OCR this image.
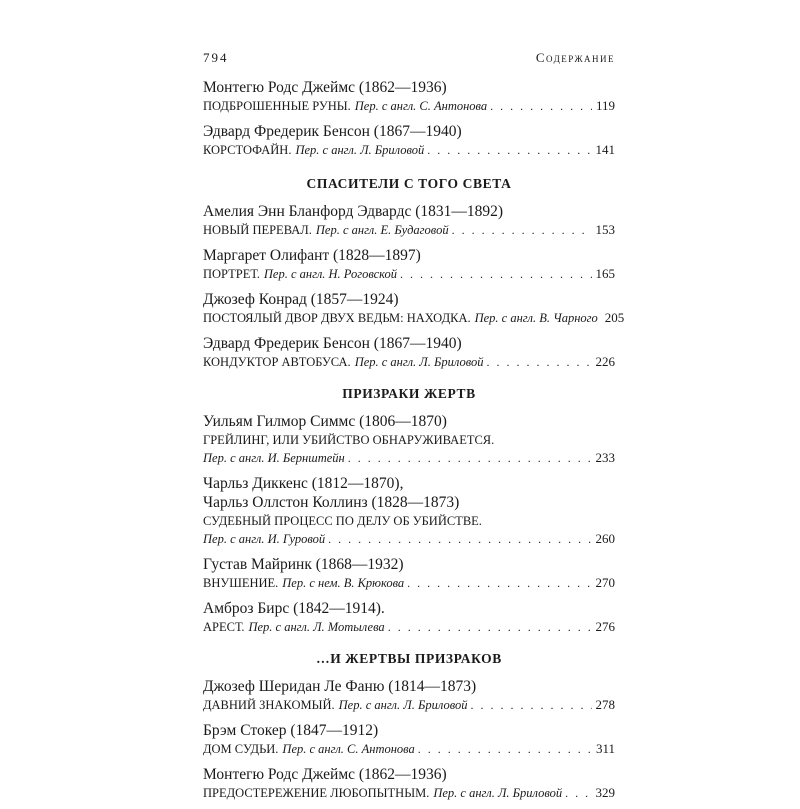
794	Содержание
Монтегю Родс Джеймс (1862—1936)
ПОДБРОШЕННЫЕ РУНЫ. Пер. с англ. С. Антонова . . .	119
Эдвард Фредерик Бенсон (1867—1940)
КОРСТОФАЙН. Пер. с англ. Л. Бриловой . . .	141
СПАСИТЕЛИ С ТОГО СВЕТА
Амелия Энн Бланфорд Эдвардс (1831—1892)
НОВЫЙ ПЕРЕВАЛ. Пер. с англ. Е. Будаговой . . .	153
Маргарет Олифант (1828—1897)
ПОРТРЕТ. Пер. с англ. Н. Роговской . . .	165
Джозеф Конрад (1857—1924)
ПОСТОЯЛЫЙ ДВОР ДВУХ ВЕДЬМ: НАХОДКА. Пер. с англ. В. Чарного 205
Эдвард Фредерик Бенсон (1867—1940)
КОНДУКТОР АВТОБУСА. Пер. с англ. Л. Бриловой . . .	226
ПРИЗРАКИ ЖЕРТВ
Уильям Гилмор Симмс (1806—1870)
ГРЕЙЛИНГ, ИЛИ УБИЙСТВО ОБНАРУЖИВАЕТСЯ.
Пер. с англ. И. Бернштейн . . .	233
Чарльз Диккенс (1812—1870),
Чарльз Оллстон Коллинз (1828—1873)
СУДЕБНЫЙ ПРОЦЕСС ПО ДЕЛУ ОБ УБИЙСТВЕ.
Пер. с англ. И. Гуровой . . .	260
Густав Майринк (1868—1932)
ВНУШЕНИЕ. Пер. с нем. В. Крюкова . . .	270
Амброз Бирс (1842—1914).
АРЕСТ. Пер. с англ. Л. Мотылева . . .	276
…И ЖЕРТВЫ ПРИЗРАКОВ
Джозеф Шеридан Ле Фаню (1814—1873)
ДАВНИЙ ЗНАКОМЫЙ. Пер. с англ. Л. Бриловой . . .	278
Брэм Стокер (1847—1912)
ДОМ СУДЬИ. Пер. с англ. С. Антонова . . .	311
Монтегю Родс Джеймс (1862—1936)
ПРЕДОСТЕРЕЖЕНИЕ ЛЮБОПЫТНЫМ. Пер. с англ. Л. Бриловой . . .	329
